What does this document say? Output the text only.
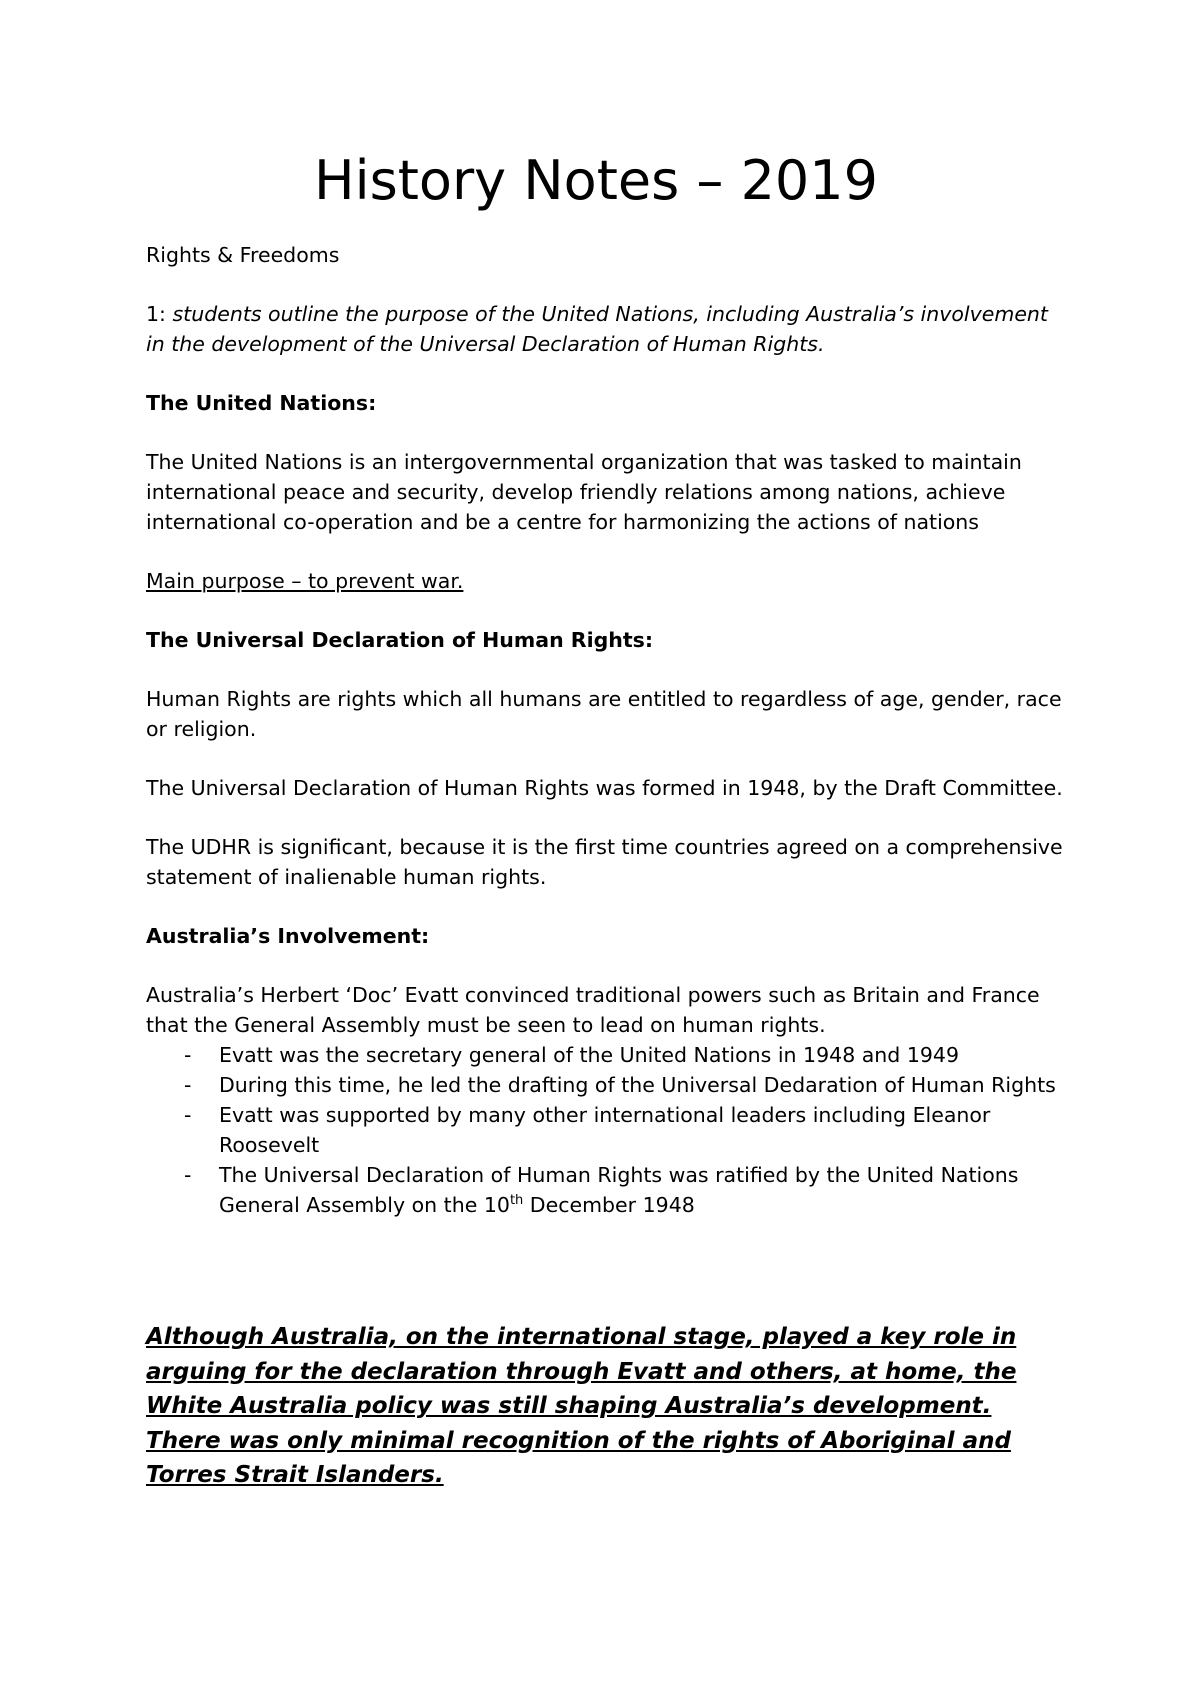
History Notes – 2019

Rights & Freedoms

1: students outline the purpose of the United Nations, including Australia’s involvement in the development of the Universal Declaration of Human Rights.

The United Nations:

The United Nations is an intergovernmental organization that was tasked to maintain international peace and security, develop friendly relations among nations, achieve international co-operation and be a centre for harmonizing the actions of nations

Main purpose – to prevent war.

The Universal Declaration of Human Rights:

Human Rights are rights which all humans are entitled to regardless of age, gender, race or religion.

The Universal Declaration of Human Rights was formed in 1948, by the Draft Committee.

The UDHR is significant, because it is the first time countries agreed on a comprehensive statement of inalienable human rights.

Australia’s Involvement:

Australia’s Herbert ‘Doc’ Evatt convinced traditional powers such as Britain and France that the General Assembly must be seen to lead on human rights.

- Evatt was the secretary general of the United Nations in 1948 and 1949
- During this time, he led the drafting of the Universal Dedaration of Human Rights
- Evatt was supported by many other international leaders including Eleanor Roosevelt
- The Universal Declaration of Human Rights was ratified by the United Nations General Assembly on the 10th December 1948

Although Australia, on the international stage, played a key role in arguing for the declaration through Evatt and others, at home, the White Australia policy was still shaping Australia’s development. There was only minimal recognition of the rights of Aboriginal and Torres Strait Islanders.
